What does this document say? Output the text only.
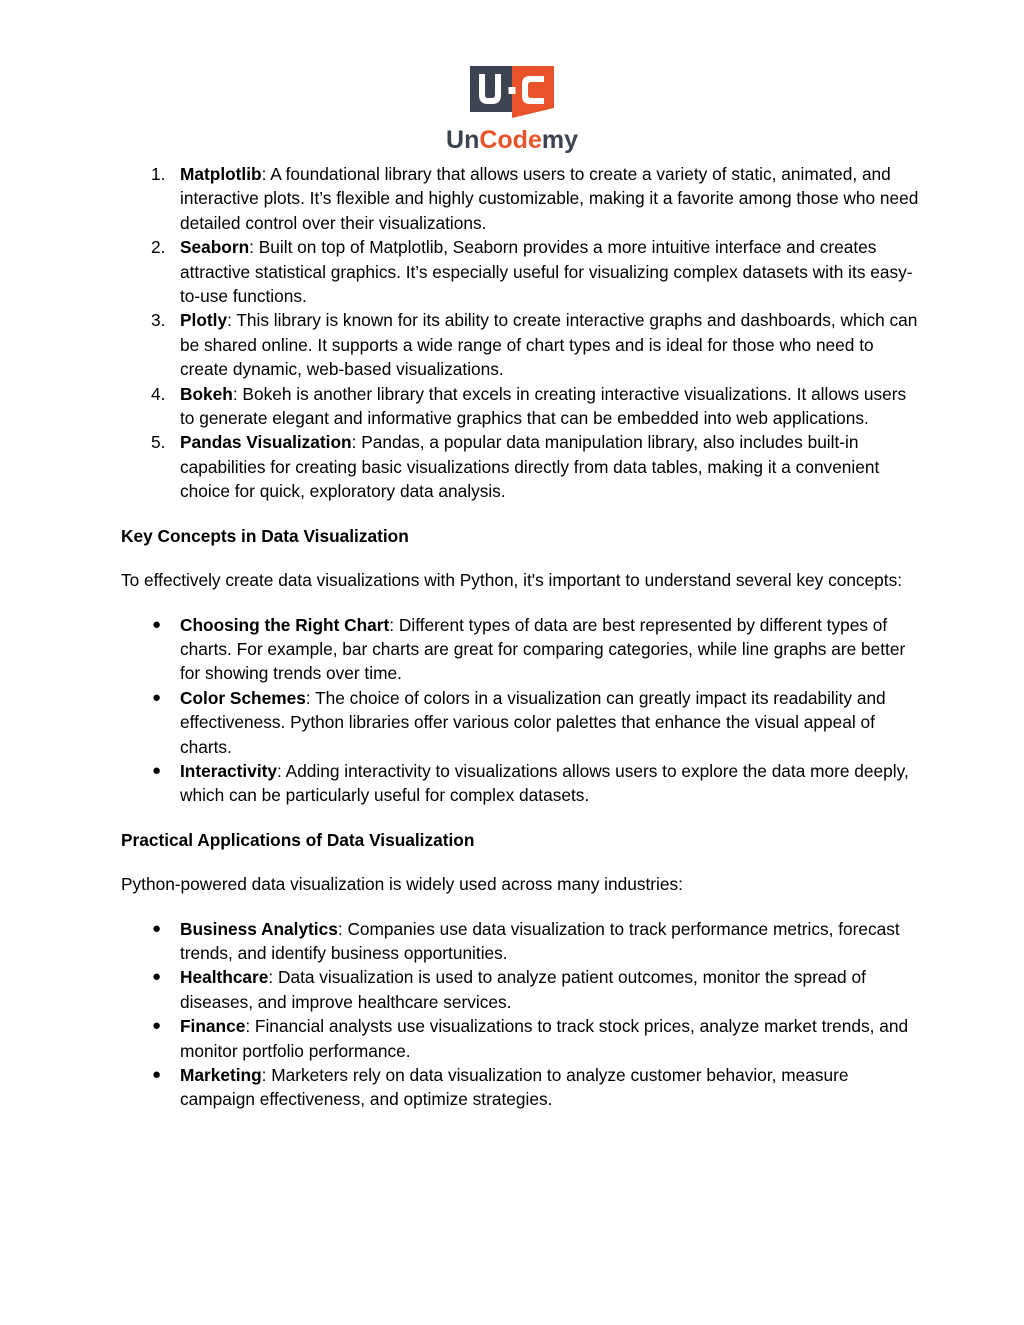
UnCodemy
1. Matplotlib: A foundational library that allows users to create a variety of static, animated, and interactive plots. It’s flexible and highly customizable, making it a favorite among those who need detailed control over their visualizations.
2. Seaborn: Built on top of Matplotlib, Seaborn provides a more intuitive interface and creates attractive statistical graphics. It’s especially useful for visualizing complex datasets with its easy-to-use functions.
3. Plotly: This library is known for its ability to create interactive graphs and dashboards, which can be shared online. It supports a wide range of chart types and is ideal for those who need to create dynamic, web-based visualizations.
4. Bokeh: Bokeh is another library that excels in creating interactive visualizations. It allows users to generate elegant and informative graphics that can be embedded into web applications.
5. Pandas Visualization: Pandas, a popular data manipulation library, also includes built-in capabilities for creating basic visualizations directly from data tables, making it a convenient choice for quick, exploratory data analysis.
Key Concepts in Data Visualization

To effectively create data visualizations with Python, it's important to understand several key concepts:

● Choosing the Right Chart: Different types of data are best represented by different types of charts. For example, bar charts are great for comparing categories, while line graphs are better for showing trends over time.
● Color Schemes: The choice of colors in a visualization can greatly impact its readability and effectiveness. Python libraries offer various color palettes that enhance the visual appeal of charts.
● Interactivity: Adding interactivity to visualizations allows users to explore the data more deeply, which can be particularly useful for complex datasets.
Practical Applications of Data Visualization

Python-powered data visualization is widely used across many industries:

● Business Analytics: Companies use data visualization to track performance metrics, forecast trends, and identify business opportunities.
● Healthcare: Data visualization is used to analyze patient outcomes, monitor the spread of diseases, and improve healthcare services.
● Finance: Financial analysts use visualizations to track stock prices, analyze market trends, and monitor portfolio performance.
● Marketing: Marketers rely on data visualization to analyze customer behavior, measure campaign effectiveness, and optimize strategies.
